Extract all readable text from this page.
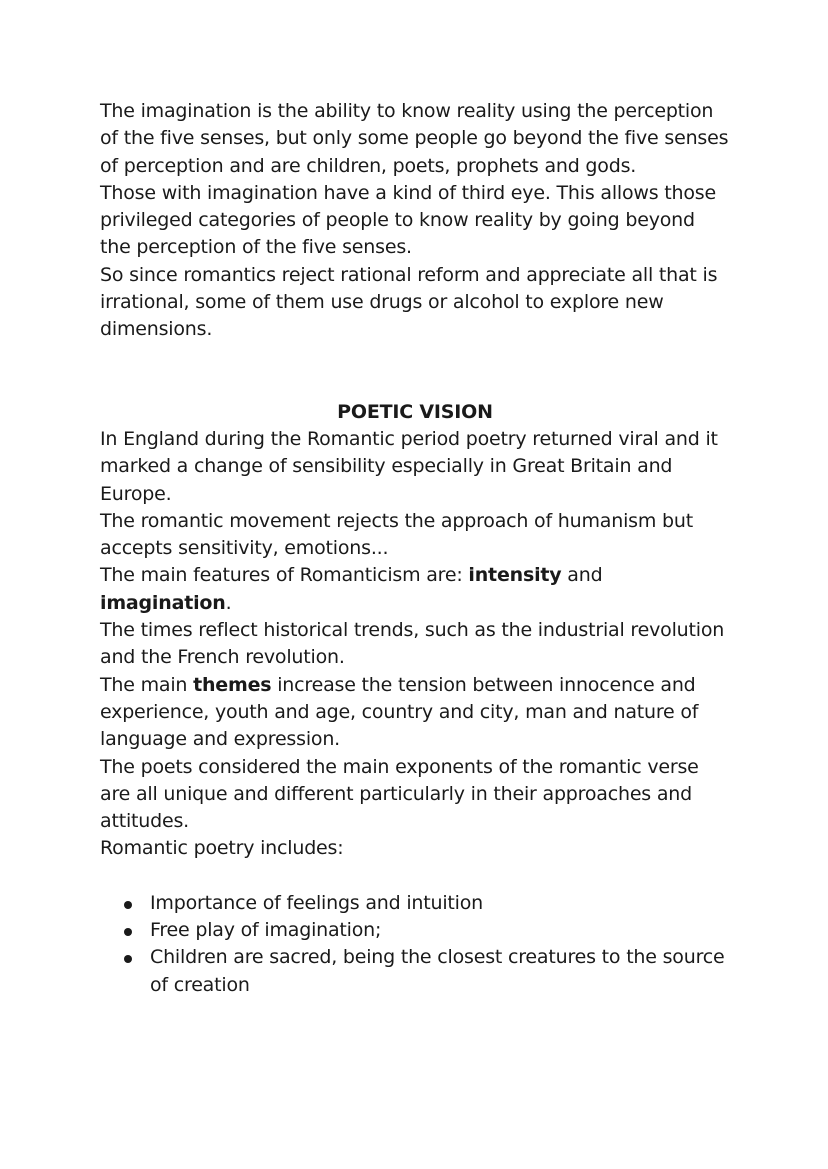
The imagination is the ability to know reality using the perception of the five senses, but only some people go beyond the five senses of perception and are children, poets, prophets and gods.

Those with imagination have a kind of third eye. This allows those privileged categories of people to know reality by going beyond the perception of the five senses.

So since romantics reject rational reform and appreciate all that is irrational, some of them use drugs or alcohol to explore new dimensions.

POETIC VISION

In England during the Romantic period poetry returned viral and it marked a change of sensibility especially in Great Britain and Europe.

The romantic movement rejects the approach of humanism but accepts sensitivity, emotions...

The main features of Romanticism are: intensity and imagination.

The times reflect historical trends, such as the industrial revolution and the French revolution.

The main themes increase the tension between innocence and experience, youth and age, country and city, man and nature of language and expression.

The poets considered the main exponents of the romantic verse are all unique and different particularly in their approaches and attitudes.

Romantic poetry includes:

Importance of feelings and intuition
Free play of imagination;
Children are sacred, being the closest creatures to the source of creation
